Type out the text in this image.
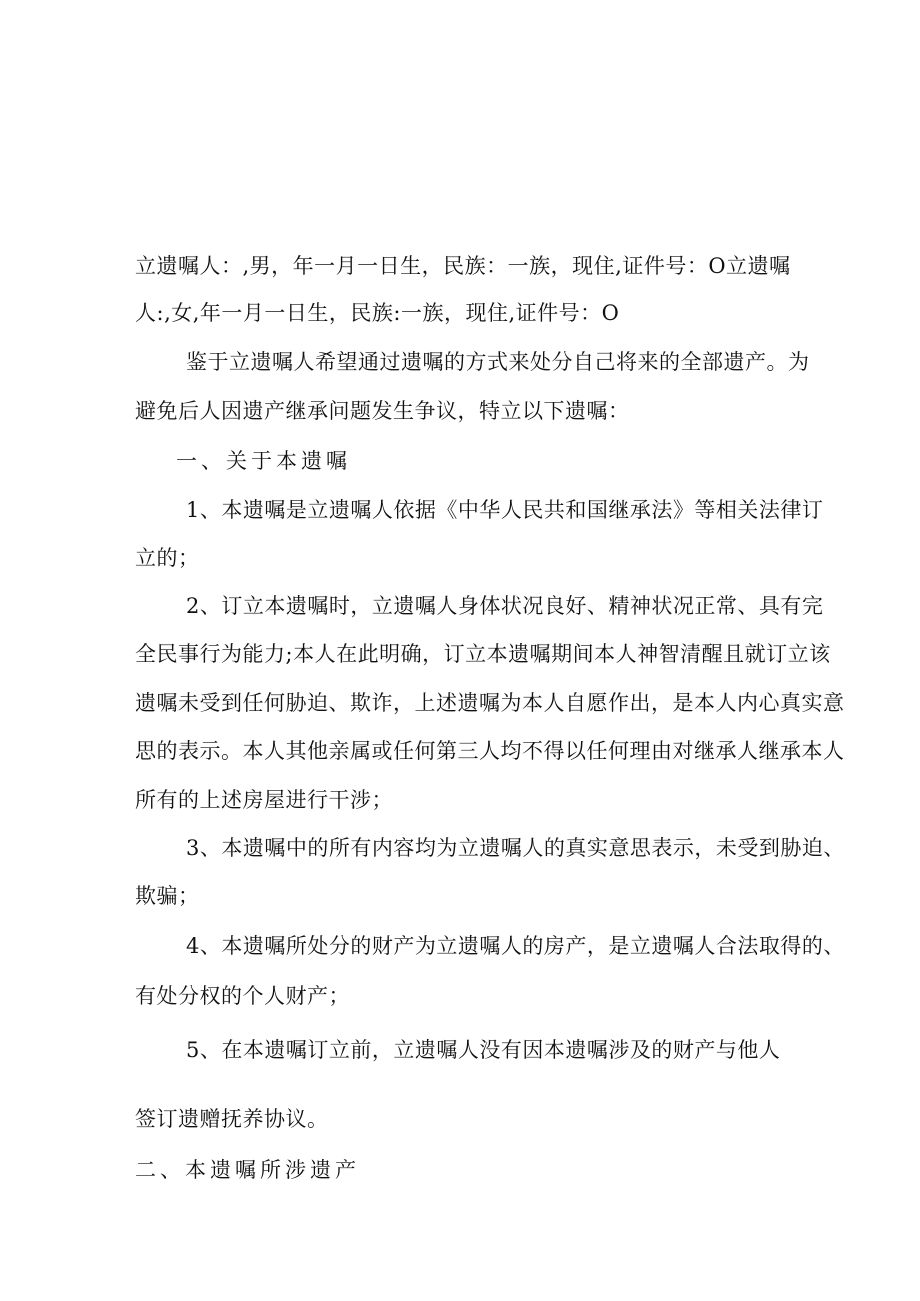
立遗嘱人：,男，年一月一日生，民族：一族，现住,证件号：O立遗嘱
人:,女,年一月一日生，民族:一族，现住,证件号：O
鉴于立遗嘱人希望通过遗嘱的方式来处分自己将来的全部遗产。为
避免后人因遗产继承问题发生争议，特立以下遗嘱：
一、关于本遗嘱
1、本遗嘱是立遗嘱人依据《中华人民共和国继承法》等相关法律订
立的；
2、订立本遗嘱时，立遗嘱人身体状况良好、精神状况正常、具有完
全民事行为能力;本人在此明确，订立本遗嘱期间本人神智清醒且就订立该
遗嘱未受到任何胁迫、欺诈，上述遗嘱为本人自愿作出，是本人内心真实意
思的表示。本人其他亲属或任何第三人均不得以任何理由对继承人继承本人
所有的上述房屋进行干涉；
3、本遗嘱中的所有内容均为立遗嘱人的真实意思表示，未受到胁迫、
欺骗；
4、本遗嘱所处分的财产为立遗嘱人的房产，是立遗嘱人合法取得的、
有处分权的个人财产；
5、在本遗嘱订立前，立遗嘱人没有因本遗嘱涉及的财产与他人
签订遗赠抚养协议。
二、本遗嘱所涉遗产
